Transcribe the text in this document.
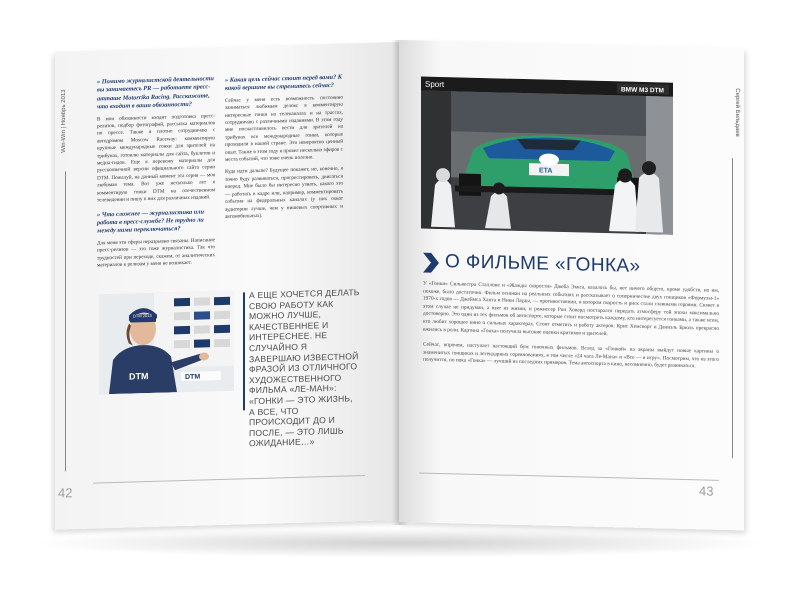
Win-Win | Ноябрь 2013
» Помимо журналистской деятельности вы занимаетесь PR — работаете пресс-атташе Motorrika Racing. Расскажите, что входит в ваши обязанности?
В мои обязанности входит подготовка пресс-релизов, подбор фотографий, рассылка материалов по прессе. Также я плотно сотрудничаю с автодромом Moscow Raceway: комментирую крупные международные гонки для зрителей на трибунах, готовлю материалы для сайта, буклетов и медиа-гидов. Еще я перевожу материалы для русскоязычной версии официального сайта серии DTM. Пожалуй, на данный момент эта серия — моя любимая тема. Вот уже несколько лет я комментирую гонки DTM на отечественном телевидении и пишу о них для различных изданий.
» Что сложнее — журналистика или работа в пресс-службе? Не трудно ли между ними переключаться?
Для меня эти сферы неразрывно связаны. Написание пресс-релизов — это тоже журналистика. Так что трудностей при переходе, скажем, от аналитических материалов к релизам у меня не возникает.
» Какая цель сейчас стоит перед вами? К какой вершине вы стремитесь сейчас?
Сейчас у меня есть возможность постоянно заниматься любимым делом: я комментирую интересные гонки на телеканалах и на трассах, сотрудничаю с различными изданиями. В этом году мне посчастливилось вести для зрителей на трибунах все международные гонки, которые проходили в нашей стране. Это невероятно ценный опыт. Также в этом году я провел несколько эфиров с места событий, что тоже очень полезно.
Куда идти дальше? Будущее покажет, но, конечно, я точно буду развиваться, прогрессировать, двигаться вперед. Мне было бы интересно узнать, какого это — работать в кадре или, например, комментировать события на федеральных каналах (у них охват аудитории лучше, чем у нишевых спортивных и автомобильных).
DTM
DTM 2013
DTM
А ЕЩЕ ХОЧЕТСЯ ДЕЛАТЬ СВОЮ РАБОТУ КАК МОЖНО ЛУЧШЕ, КАЧЕСТВЕННЕЕ И ИНТЕРЕСНЕЕ. НЕ СЛУЧАЙНО Я ЗАВЕРШАЮ ИЗВЕСТНОЙ ФРАЗОЙ ИЗ ОТЛИЧНОГО ХУДОЖЕСТВЕННОГО ФИЛЬМА «ЛЕ-МАН»: «ГОНКИ — ЭТО ЖИЗНЬ, А ВСЕ, ЧТО ПРОИСХОДИТ ДО И ПОСЛЕ, — ЭТО ЛИШЬ ОЖИДАНИЕ…»
42
Сергей Бельдаев
Sport
BMW M3 DTM
ETA
О ФИЛЬМЕ «ГОНКА»
У «Гонки» Сильвестра Сталлоне и «Жажды скорости» Джеба Эккса, казалось бы, нет ничего общего, кроме удобств, но им, похоже, было достаточно. Фильм основан на реальных событиях и рассказывает о соперничестве двух гонщиков «Формулы-1» 1970-х годов — Джеймса Ханта и Ники Лауды, — противостоянии, в котором скорость и риск стали главными героями. Сюжет в этом случае не придуман, а взят из жизни, и режиссер Рон Ховард постарался передать атмосферу той эпохи максимально достоверно. Это один из тех фильмов об автоспорте, которые стоит посмотреть каждому, кто интересуется гонками, а также всем, кто любит хорошее кино о сильных характерах. Стоит отметить и работу актеров: Крис Хемсворт и Даниэль Брюль прекрасно вжились в роли. Картина «Гонка» получила высокие оценки критиков и зрителей.
Сейчас, впрочем, наступает настоящий бум гоночных фильмов. Вслед за «Гонкой» на экраны выйдут новые картины о знаменитых гонщиках и легендарных соревнованиях, в том числе «24 часа Ле-Мана» и «Все — в игру». Посмотрим, что из этого получится, но пока «Гонка» — лучший из последних примеров. Тема автоспорта в кино, несомненно, будет развиваться.
43
